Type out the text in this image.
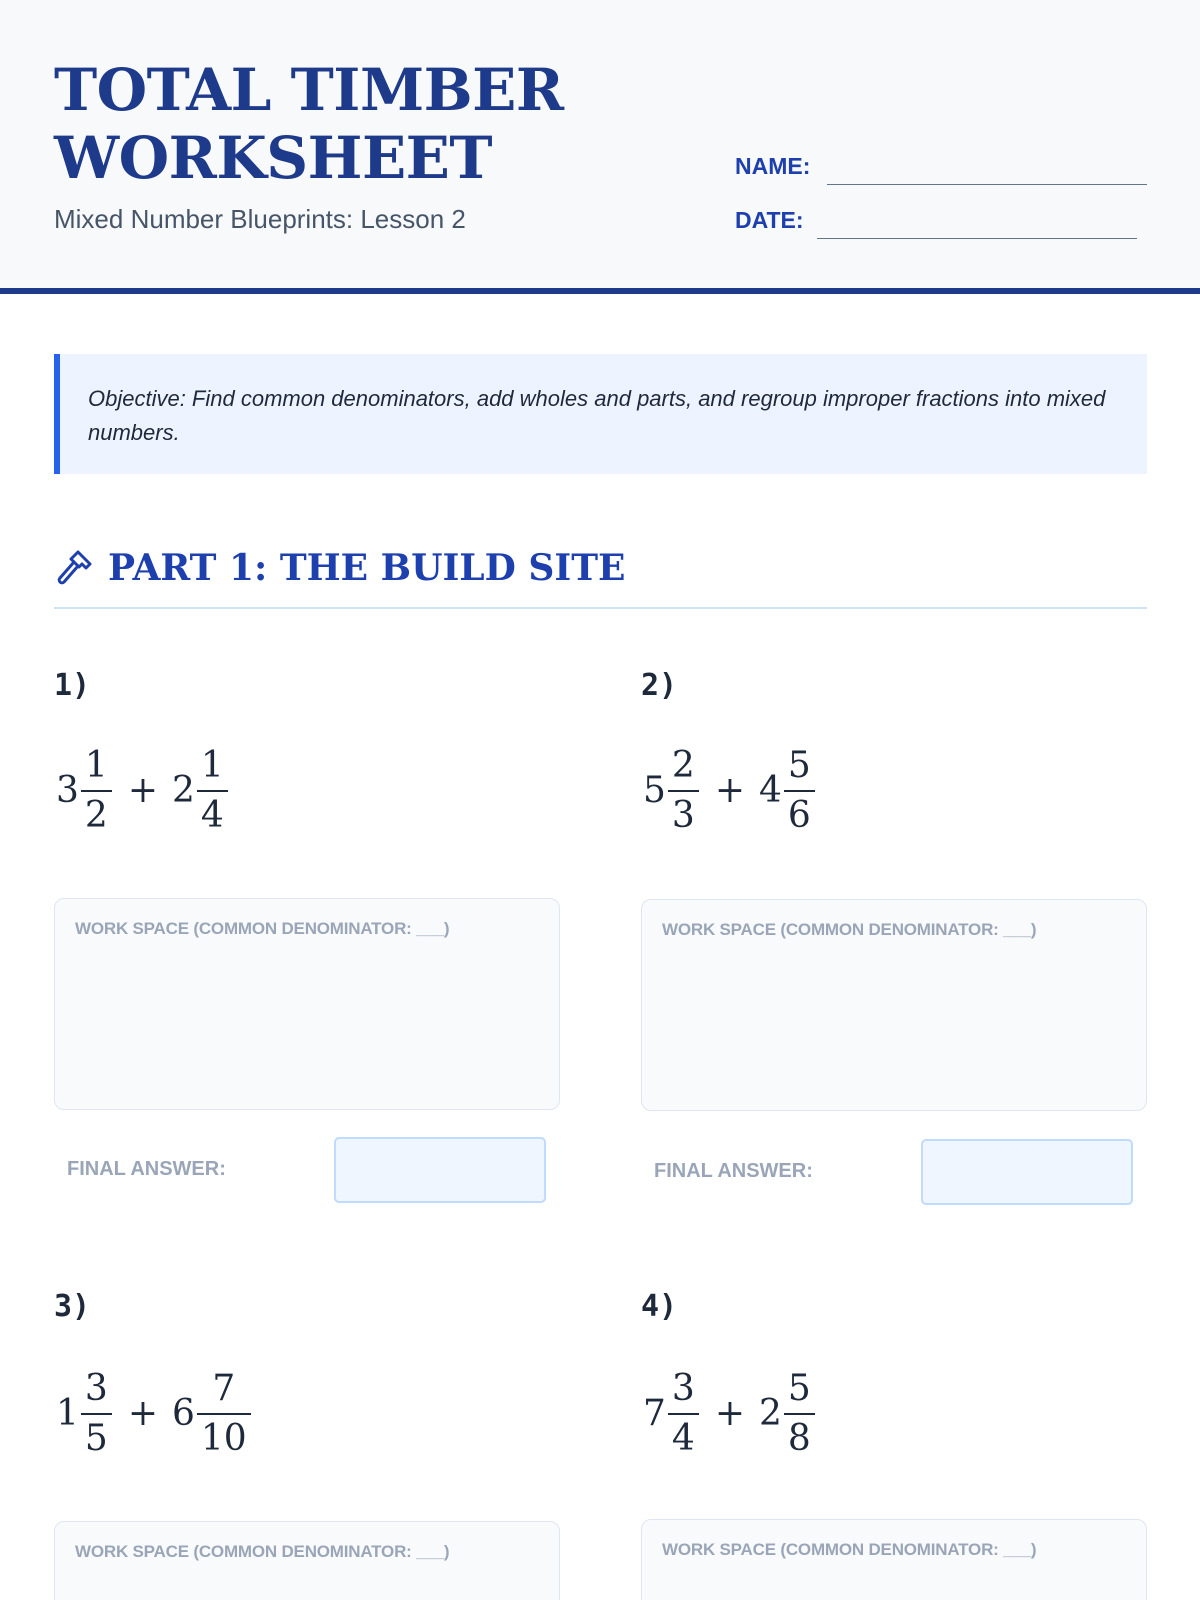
TOTAL TIMBER
WORKSHEET
Mixed Number Blueprints: Lesson 2
NAME:
DATE:
Objective: Find common denominators, add wholes and parts, and regroup improper fractions into mixed numbers.
PART 1: THE BUILD SITE
1)
$3 \frac{1}{2} + 2 \frac{1}{4}$
WORK SPACE (COMMON DENOMINATOR: ___)
FINAL ANSWER:
2)
$5 \frac{2}{3} + 4 \frac{5}{6}$
WORK SPACE (COMMON DENOMINATOR: ___)
FINAL ANSWER:
3)
$1 \frac{3}{5} + 6 \frac{7}{10}$
WORK SPACE (COMMON DENOMINATOR: ___)
4)
$7 \frac{3}{4} + 2 \frac{5}{8}$
WORK SPACE (COMMON DENOMINATOR: ___)
